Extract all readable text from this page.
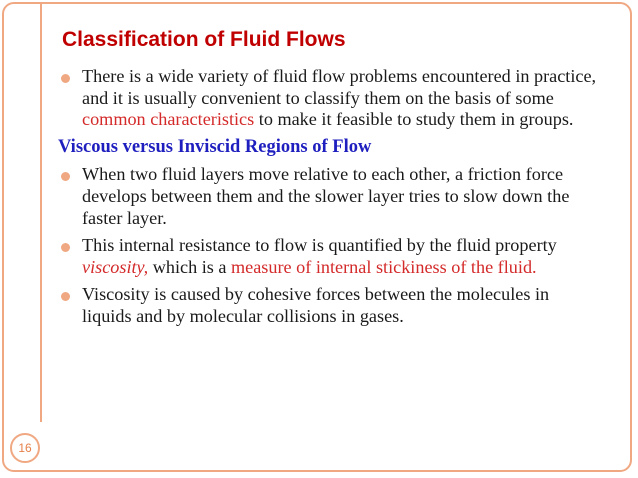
Classification of Fluid Flows
There is a wide variety of fluid flow problems encountered in practice, and it is usually convenient to classify them on the basis of some common characteristics to make it feasible to study them in groups.
Viscous versus Inviscid Regions of Flow
When two fluid layers move relative to each other, a friction force develops between them and the slower layer tries to slow down the faster layer.
This internal resistance to flow is quantified by the fluid property viscosity, which is a measure of internal stickiness of the fluid.
Viscosity is caused by cohesive forces between the molecules in liquids and by molecular collisions in gases.
16
